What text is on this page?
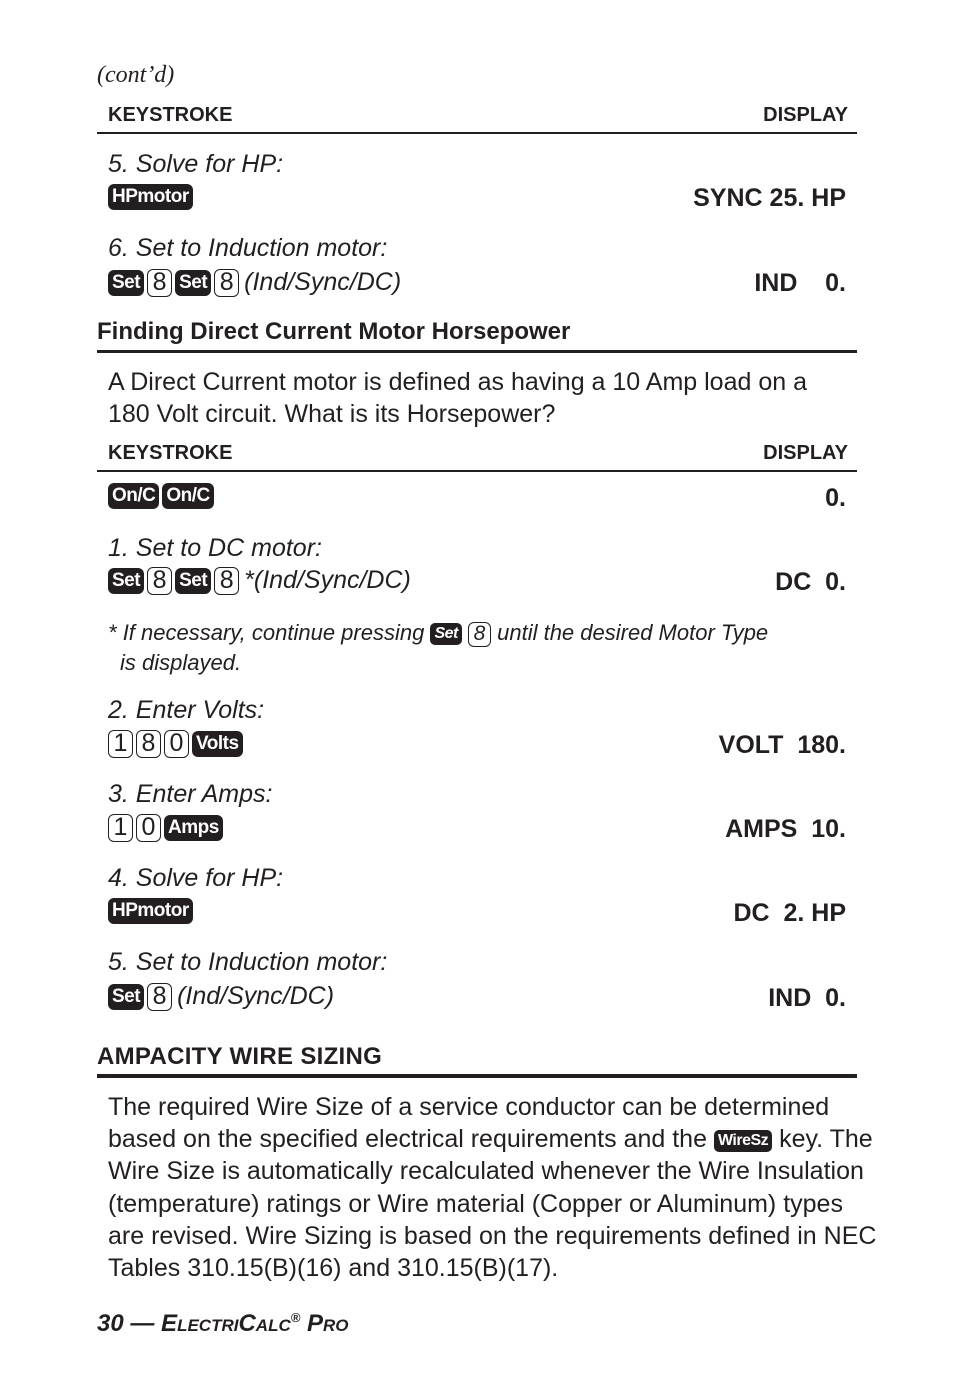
(cont’d)
KEYSTROKE	DISPLAY
5. Solve for HP:
HPmotor	SYNC 25. HP
6. Set to Induction motor:
Set 8 Set 8 (Ind/Sync/DC)	IND    0.
Finding Direct Current Motor Horsepower
A Direct Current motor is defined as having a 10 Amp load on a 180 Volt circuit. What is its Horsepower?
KEYSTROKE	DISPLAY
On/C On/C	0.
1. Set to DC motor:
Set 8 Set 8 *(Ind/Sync/DC)	DC  0.
* If necessary, continue pressing Set 8 until the desired Motor Type
is displayed.
2. Enter Volts:
1 8 0 Volts	VOLT  180.
3. Enter Amps:
1 0 Amps	AMPS  10.
4. Solve for HP:
HPmotor	DC  2. HP
5. Set to Induction motor:
Set 8 (Ind/Sync/DC)	IND  0.
AMPACITY WIRE SIZING
The required Wire Size of a service conductor can be determined
based on the specified electrical requirements and the WireSz key. The
Wire Size is automatically recalculated whenever the Wire Insulation
(temperature) ratings or Wire material (Copper or Aluminum) types
are revised. Wire Sizing is based on the requirements defined in NEC
Tables 310.15(B)(16) and 310.15(B)(17).
30 — ELECTRICALC® PRO
